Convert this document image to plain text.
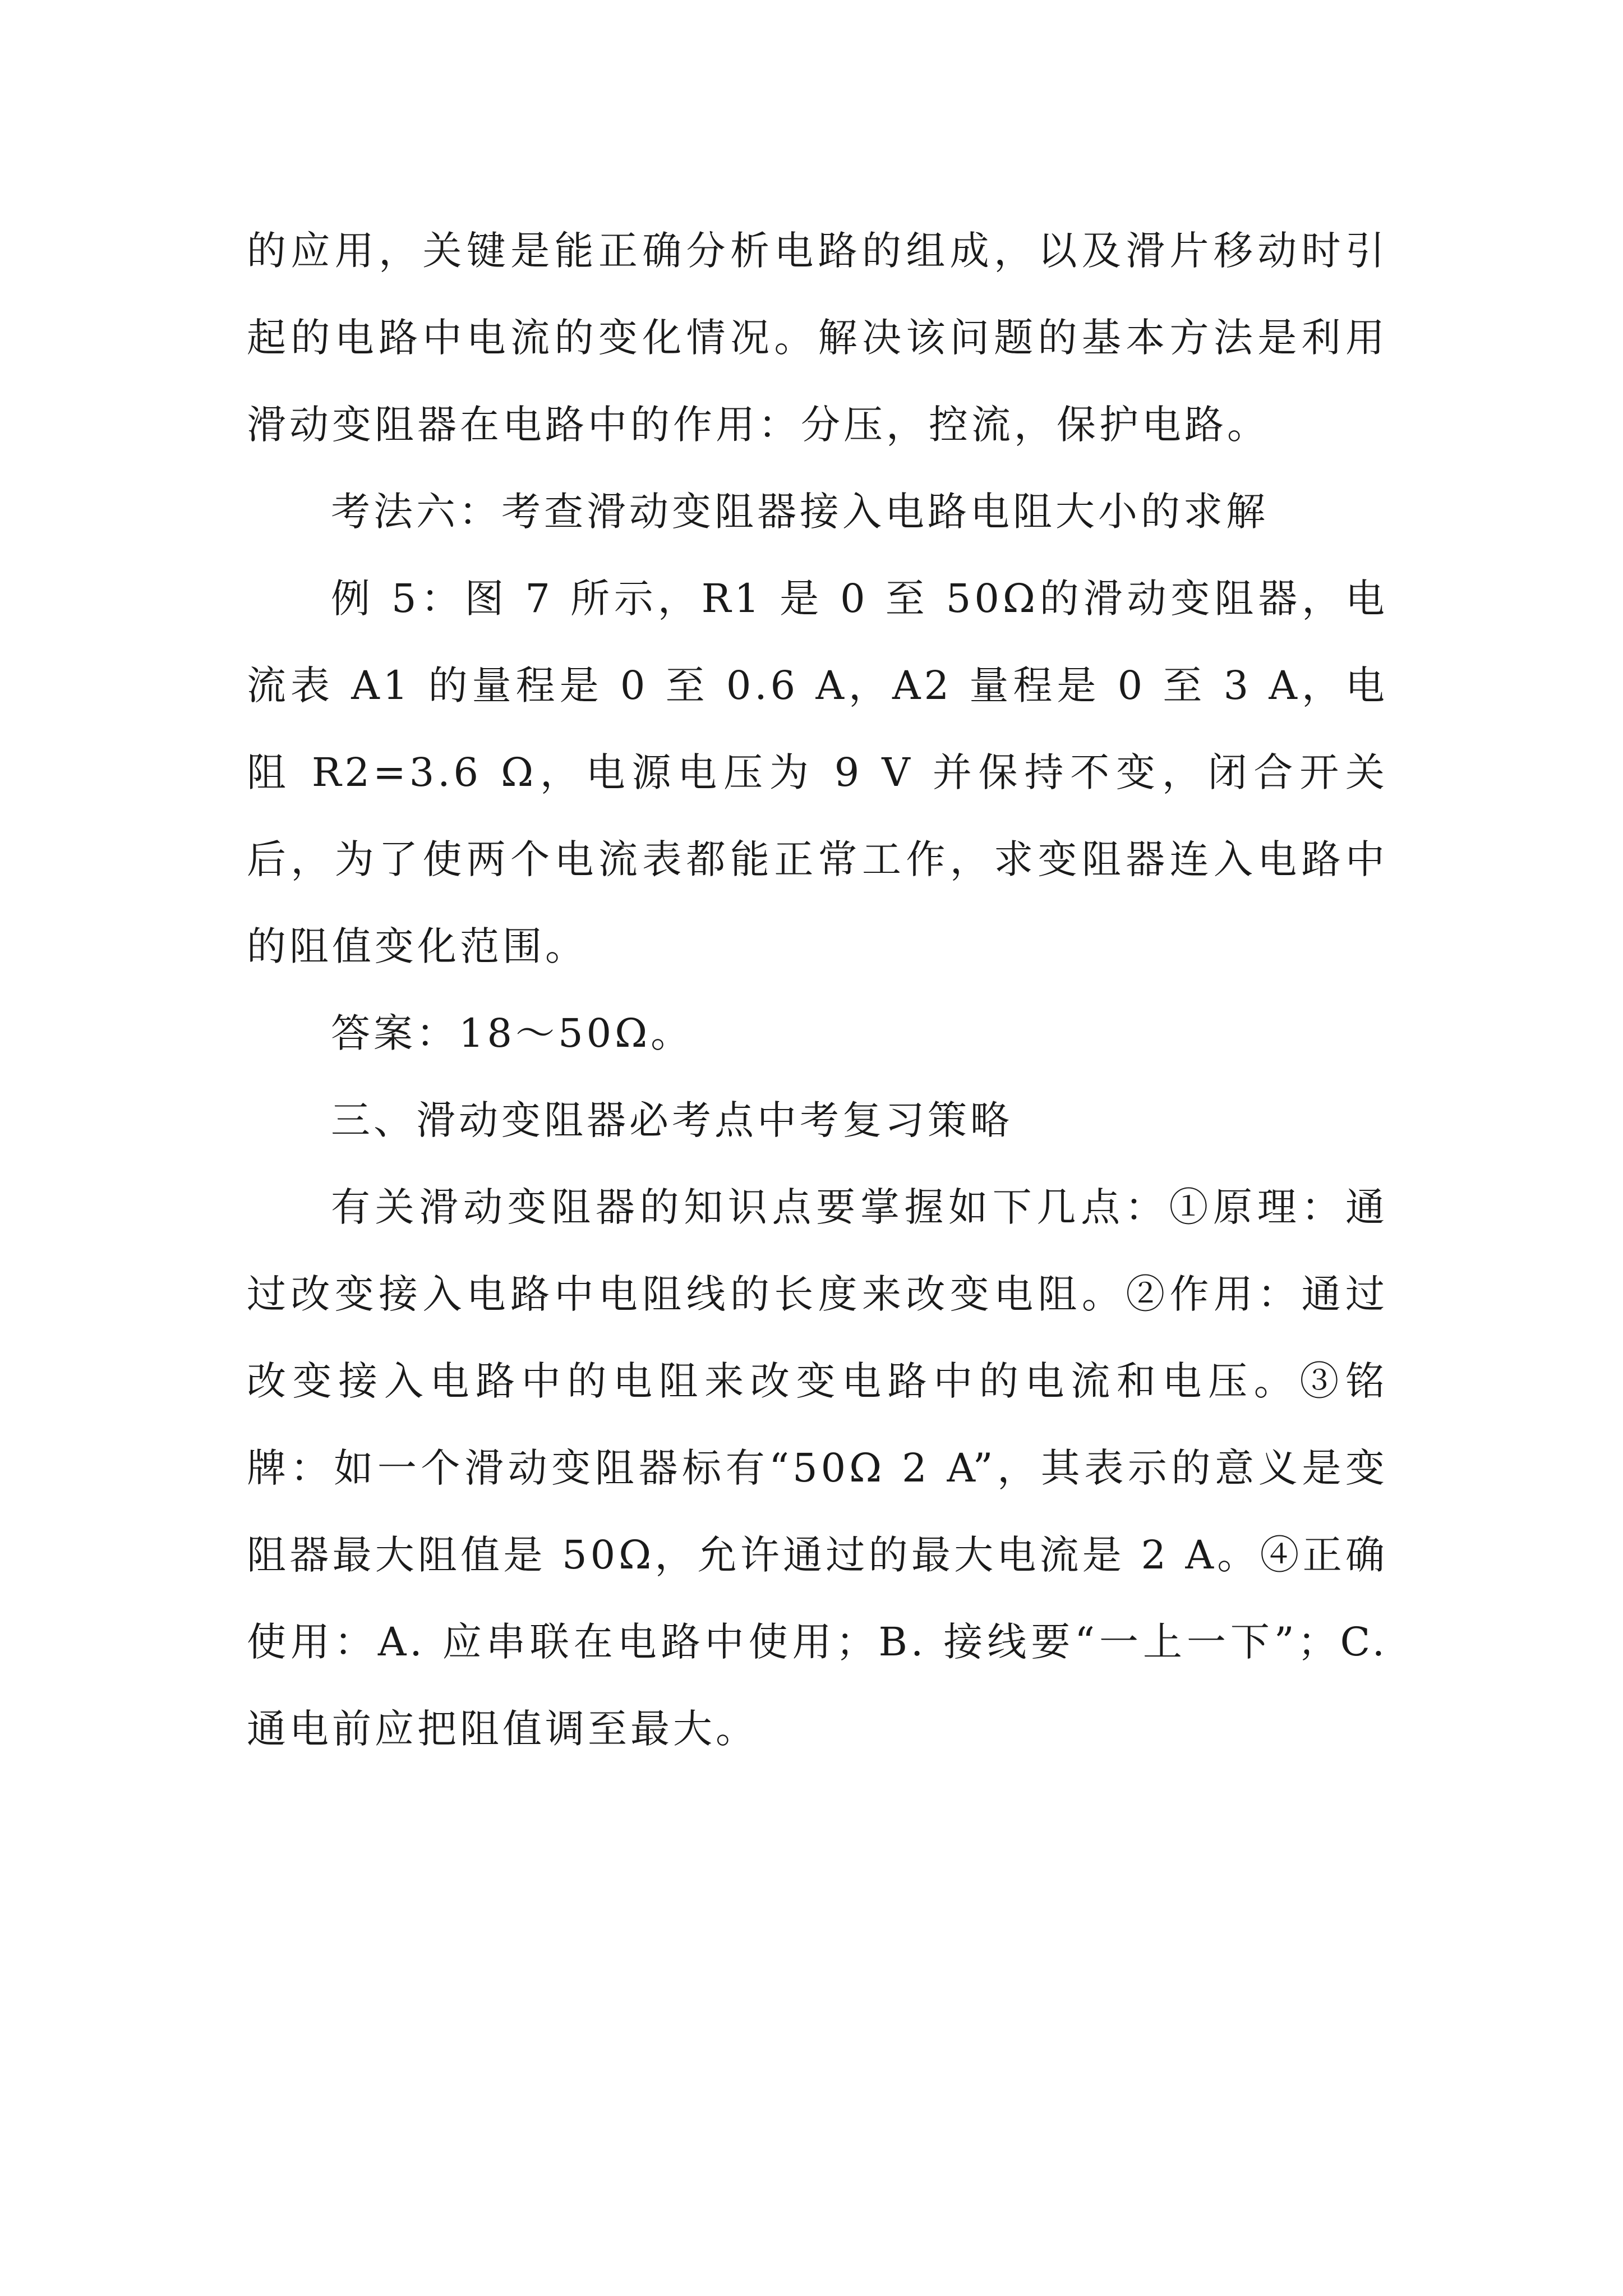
的应用，关键是能正确分析电路的组成，以及滑片移动时引起的电路中电流的变化情况。解决该问题的基本方法是利用滑动变阻器在电路中的作用：分压，控流，保护电路。

考法六：考查滑动变阻器接入电路电阻大小的求解

例 5：图 7 所示，R1 是 0 至 50Ω的滑动变阻器，电流表 A1 的量程是 0 至 0.6 A，A2 量程是 0 至 3 A，电阻 R2=3.6 Ω，电源电压为 9 V 并保持不变，闭合开关后，为了使两个电流表都能正常工作，求变阻器连入电路中的阻值变化范围。

答案：18～50Ω。

三、滑动变阻器必考点中考复习策略

有关滑动变阻器的知识点要掌握如下几点：①原理：通过改变接入电路中电阻线的长度来改变电阻。②作用：通过改变接入电路中的电阻来改变电路中的电流和电压。③铭牌：如一个滑动变阻器标有“50Ω 2 A”，其表示的意义是变阻器最大阻值是 50Ω，允许通过的最大电流是 2 A。④正确使用：A. 应串联在电路中使用；B. 接线要“一上一下”；C. 通电前应把阻值调至最大。
